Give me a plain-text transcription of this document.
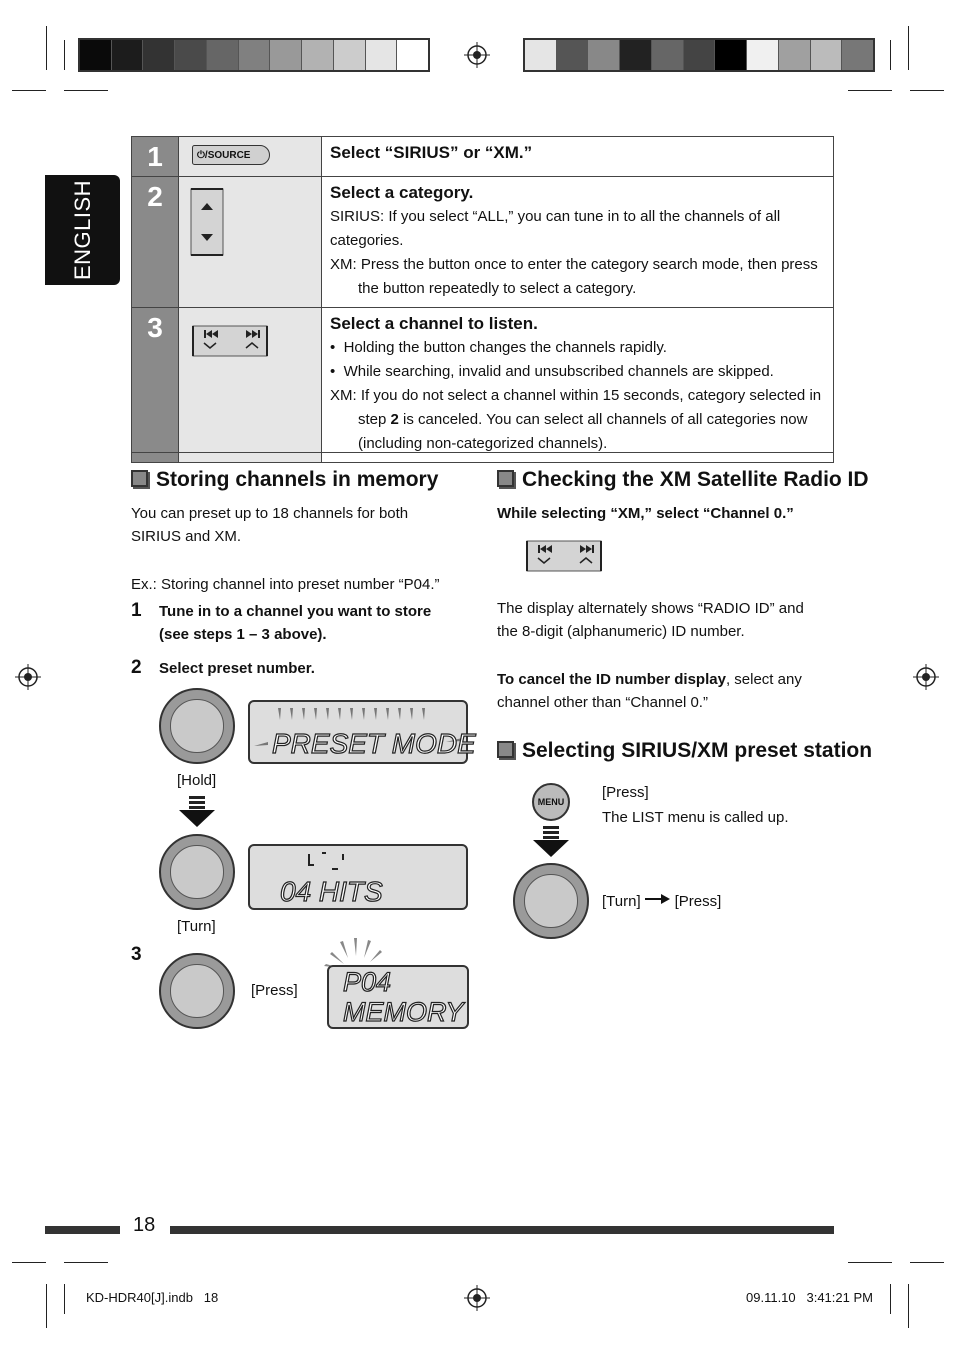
ENGLISH
1	⏻/SOURCE	Select “SIRIUS” or “XM.”

2		Select a category.
SIRIUS: If you select “ALL,” you can tune in to all the channels of all categories.
XM: Press the button once to enter the category search mode, then press the button repeatedly to select a category.

3		Select a channel to listen.
•  Holding the button changes the channels rapidly.
•  While searching, invalid and unsubscribed channels are skipped.
XM: If you do not select a channel within 15 seconds, category selected in step 2 is canceled. You can select all channels of all categories now (including non-categorized channels).
Storing channels in memory
You can preset up to 18 channels for both SIRIUS and XM.
Ex.: Storing channel into preset number “P04.”
1 Tune in to a channel you want to store (see steps 1 – 3 above).
2 Select preset number.
[Hold]
[Turn]
3
[Press]
PRESET MODE
04 HITS
P04
MEMORY
Checking the XM Satellite Radio ID
While selecting “XM,” select “Channel 0.”
The display alternately shows “RADIO ID” and the 8-digit (alphanumeric) ID number.
To cancel the ID number display, select any channel other than “Channel 0.”
Selecting SIRIUS/XM preset station
MENU
[Press]
The LIST menu is called up.
[Turn] [Press]
18
KD-HDR40[J].indb   18	09.11.10   3:41:21 PM
